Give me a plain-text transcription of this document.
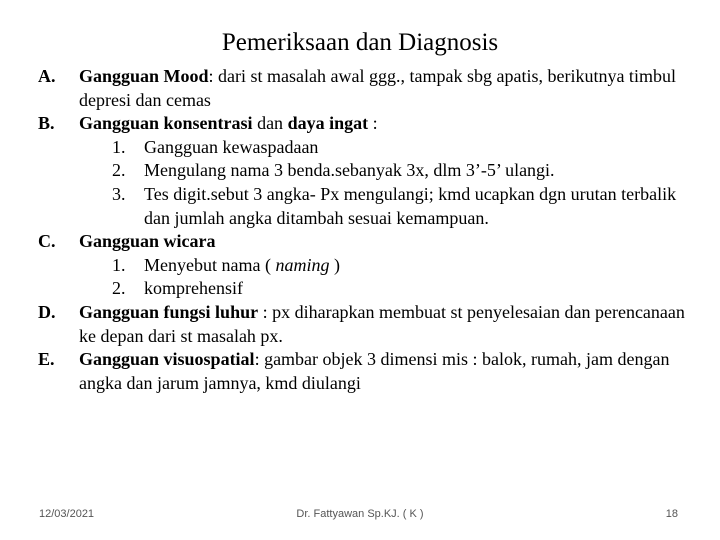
Pemeriksaan dan Diagnosis
A.	Gangguan Mood: dari st masalah awal ggg., tampak sbg apatis, berikutnya timbul depresi dan cemas
B.	Gangguan konsentrasi dan daya ingat :
1.	Gangguan kewaspadaan
2.	Mengulang nama 3 benda.sebanyak 3x, dlm 3’-5’ ulangi.
3.	Tes digit.sebut 3 angka- Px mengulangi; kmd ucapkan dgn urutan terbalik dan jumlah angka ditambah sesuai kemampuan.
C.	Gangguan wicara
1.	Menyebut nama ( naming )
2.	komprehensif
D.	Gangguan fungsi luhur : px diharapkan membuat st penyelesaian dan perencanaan ke depan dari st masalah px.
E.	Gangguan visuospatial: gambar objek 3 dimensi mis : balok, rumah, jam dengan angka dan jarum jamnya, kmd diulangi
12/03/2021	Dr. Fattyawan Sp.KJ. ( K )	18
